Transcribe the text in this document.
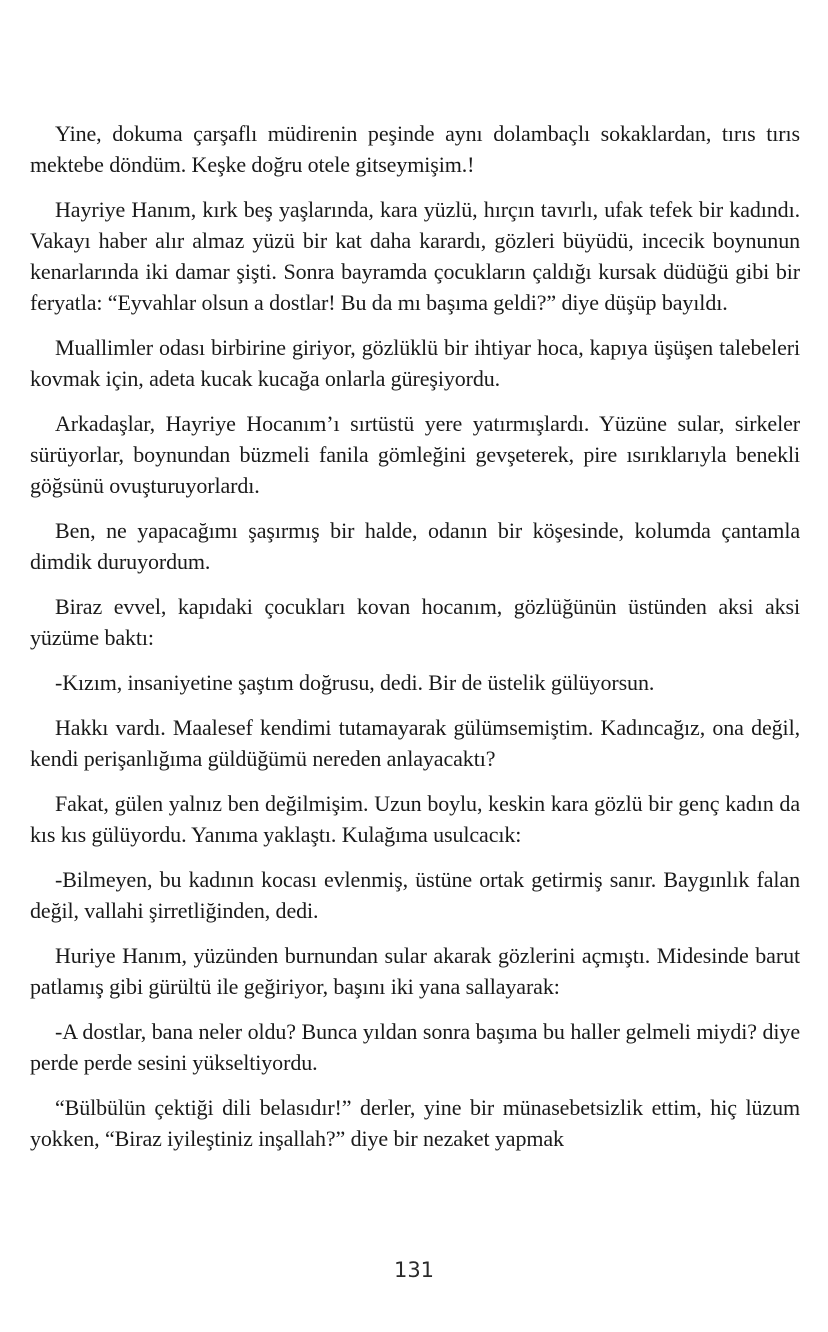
Yine, dokuma çarşaflı müdirenin peşinde aynı dolambaçlı sokaklardan, tırıs tırıs mektebe döndüm. Keşke doğru otele gitseymişim.!

Hayriye Hanım, kırk beş yaşlarında, kara yüzlü, hırçın tavırlı, ufak tefek bir kadındı. Vakayı haber alır almaz yüzü bir kat daha karardı, gözleri büyüdü, incecik boynunun kenarlarında iki damar şişti. Sonra bayramda çocukların çaldığı kursak düdüğü gibi bir feryatla: “Eyvahlar olsun a dostlar! Bu da mı başıma geldi?” diye düşüp bayıldı.

Muallimler odası birbirine giriyor, gözlüklü bir ihtiyar hoca, kapıya üşüşen talebeleri kovmak için, adeta kucak kucağa onlarla güreşiyordu.

Arkadaşlar, Hayriye Hocanım’ı sırtüstü yere yatırmışlardı. Yüzüne sular, sirkeler sürüyorlar, boynundan büzmeli fanila gömleğini gevşeterek, pire ısırıklarıyla benekli göğsünü ovuşturuyorlardı.

Ben, ne yapacağımı şaşırmış bir halde, odanın bir köşesinde, kolumda çantamla dimdik duruyordum.

Biraz evvel, kapıdaki çocukları kovan hocanım, gözlüğünün üstünden aksi aksi yüzüme baktı:

-Kızım, insaniyetine şaştım doğrusu, dedi. Bir de üstelik gülüyorsun.

Hakkı vardı. Maalesef kendimi tutamayarak gülümsemiştim. Kadıncağız, ona değil, kendi perişanlığıma güldüğümü nereden anlayacaktı?

Fakat, gülen yalnız ben değilmişim. Uzun boylu, keskin kara gözlü bir genç kadın da kıs kıs gülüyordu. Yanıma yaklaştı. Kulağıma usulcacık:

-Bilmeyen, bu kadının kocası evlenmiş, üstüne ortak getirmiş sanır. Baygınlık falan değil, vallahi şirretliğinden, dedi.

Huriye Hanım, yüzünden burnundan sular akarak gözlerini açmıştı. Midesinde barut patlamış gibi gürültü ile geğiriyor, başını iki yana sallayarak:

-A dostlar, bana neler oldu? Bunca yıldan sonra başıma bu haller gelmeli miydi? diye perde perde sesini yükseltiyordu.

“Bülbülün çektiği dili belasıdır!” derler, yine bir münasebetsizlik ettim, hiç lüzum yokken, “Biraz iyileştiniz inşallah?” diye bir nezaket yapmak

131
